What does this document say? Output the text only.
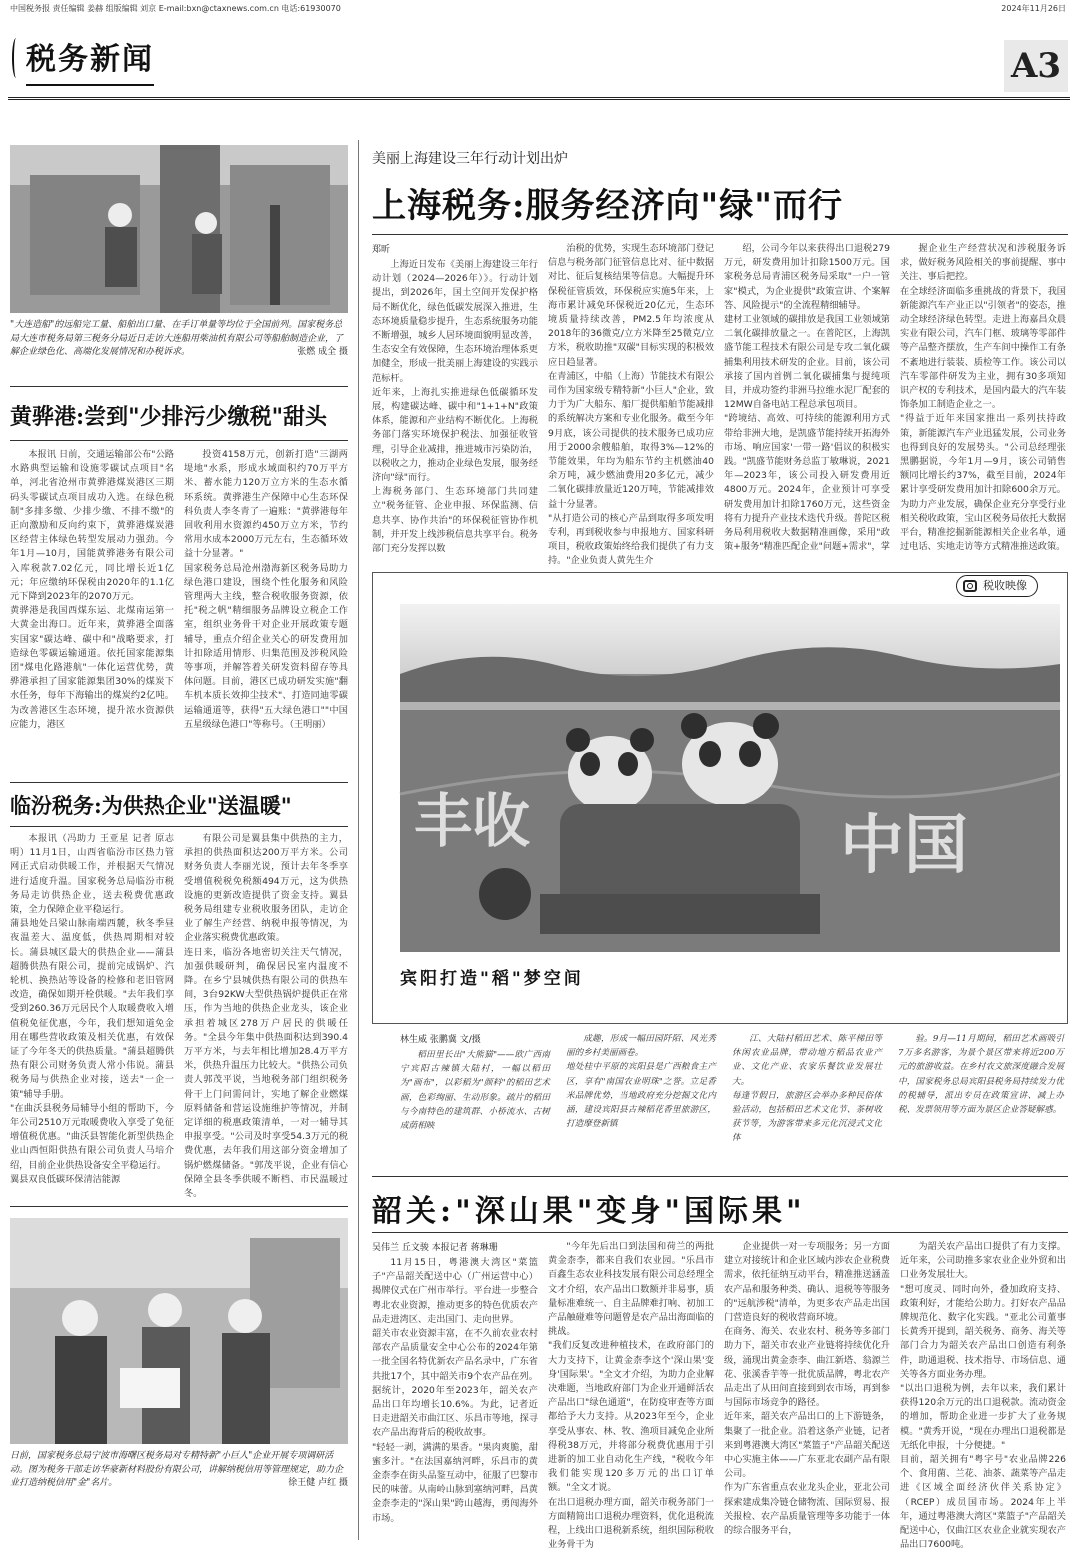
中国税务报 责任编辑 姜赫 组版编辑 刘京 E-mail:bxn@ctaxnews.com.cn 电话:61930070	2024年11月26日
税务新闻	A3
"大连造船"的远船完工量、船舶出口量、在手订单量等均位于全国前列。国家税务总局大连市税务局第三税务分局近日走访大连船用柴油机有限公司等船舶制造企业，了解企业绿色化、高端化发展情况和办税诉求。	张燃 成全 摄
黄骅港:尝到"少排污少缴税"甜头
本报讯 日前，交通运输部公布"公路水路典型运输和设施零碳试点项目"名单，河北省沧州市黄骅港煤炭港区三期码头零碳试点项目成功入选。在绿色税制"多排多缴、少排少缴、不排不缴"的正向激励和反向约束下，黄骅港煤炭港区经营主体绿色转型发展动力强劲。今年1月—10月，国能黄骅港务有限公司入库税款7.02亿元，同比增长近1亿元；年应缴纳环保税由2020年的1.1亿元下降到2023年的2070万元。
黄骅港是我国西煤东运、北煤南运第一大黄金出海口。近年来，黄骅港全面落实国家"碳达峰、碳中和"战略要求，打造绿色零碳运输通道。依托国家能源集团"煤电化路港航"一体化运营优势，黄骅港承担了国家能源集团30%的煤炭下水任务，每年下海输出的煤炭约2亿吨。为改善港区生态环境，提升浓水资源供应能力，港区
投资4158万元，创新打造"三湖两堤地"水系，形成水域面积约70万平方米、蓄水能力120万立方米的生态水循环系统。黄骅港生产保障中心生态环保科负责人李冬青了一遍账："黄骅港每年回收利用水资源约450万立方米，节约常用水成本2000万元左右，生态循环效益十分显著。"
国家税务总局沧州渤海新区税务局助力绿色港口建设，围绕个性化服务和风险管理两大主线，整合税收服务资源，依托"税之帆"精细服务品牌设立税企工作室，组织业务骨干对企业开展政策专题辅导，重点介绍企业关心的研发费用加计扣除适用情形、归集范围及涉税风险等事项，并解答着关研发资料留存等具体问题。目前，港区已成功研发实施"翻车机本质长效抑尘技术"、打造同迪零碳运输通道等，获得"五大绿色港口""中国五星级绿色港口"等称号。（王明丽）
临汾税务:为供热企业"送温暖"
本报讯（冯助力 王亚星 记者 原志明）11月1日，山西省临汾市区热力管网正式启动供暖工作，并根据天气情况进行适度升温。国家税务总局临汾市税务局走访供热企业，送去税费优惠政策，全力保障企业平稳运行。
蒲县地处吕梁山脉南端西麓，秋冬季昼夜温差大、温度低，供热周期相对较长。蒲县城区最大的供热企业——蒲县超腾供热有限公司，提前完成锅炉、汽轮机、换热站等设备的检修和老旧管网改造，确保如期开栓供暖。"去年我们享受到260.36万元居民个人取暖费收入增值税免征优惠，今年，我们想知道免金用在哪些营收政策及相关优惠，有效保证了今年冬天的供热质量。"蒲县超腾供热有限公司财务负责人常小伟说。蒲县税务局与供热企业对接，送去"一企一策"辅导手册。
"在曲沃县税务局辅导小组的帮助下，今年公司2510万元取暖费收入享受了免征增值税优惠。"曲沃县智能化新型供热企业山西恒阳供热有限公司负责人马培介绍，目前企业供热设备安全平稳运行。
翼县双良低碳环保清洁能源
有限公司是翼县集中供热的主力，承担的供热面积达200万平方米。公司财务负责人李丽光说，预计去年冬季享受增值税税免税额494万元，这为供热设施的更新改造提供了资金支持。翼县税务局组建专业税收服务团队，走访企业了解生产经营、纳税申报等情况，为企业落实税费优惠政策。
连日来，临汾各地密切关注天气情况，加强供暖研判，确保居民室内温度不降。在乡宁县城供热有限公司的供热车间，3台92KW大型供热锅炉提供正在常压，作为当地的供热企业龙头，该企业承担着城区278万户居民的供暖任务。"全县今年集中供热面积达到390.4万平方米，与去年相比增加28.4万平方米，供热升温压力比较大。"供热公司负责人郭茂平说，当地税务部门组织税务骨干上门问需问计，实地了解企业燃煤原料储备和营运设施维护等情况，并制定详细的税惠政策清单，一对一辅导其申报享受。"公司及时享受54.3万元的税费优惠，去年我们用这部分资金增加了锅炉燃煤储备。"郭茂平说，企业有信心保障全县冬季供暖不断档、市民温暖过冬。
日前，国家税务总局宁波市海曙区税务局对专精特新"小巨人"企业开展专项调研活动。图为税务干部走访华豪新材料股份有限公司，讲解纳税信用等管理规定，助力企业打造纳税信用"金"名片。	徐王健 卢红 摄
美丽上海建设三年行动计划出炉
上海税务:服务经济向"绿"而行
郑昕
上海近日发布《美丽上海建设三年行动计划（2024—2026年）》。行动计划提出，到2026年，国土空间开发保护格局不断优化，绿色低碳发展深入推进，生态环境质量稳步提升，生态系统服务功能不断增强，城乡人居环境面貌明显改善，生态安全有效保障，生态环境治理体系更加健全，形成一批美丽上海建设的实践示范标杆。
近年来，上海扎实推进绿色低碳循环发展，构建碳达峰、碳中和"1+1+N"政策体系，能源和产业结构不断优化。上海税务部门落实环境保护税法、加强征收管理，引导企业减排，推进城市污染防治，以税收之力，推动企业绿色发展，服务经济向"绿"而行。
上海税务部门、生态环境部门共同建立"税务征管、企业申报、环保监测、信息共享、协作共治"的环保税征管协作机制，并开发上线涉税信息共享平台。税务部门充分发挥以数
治税的优势，实现生态环境部门登记信息与税务部门征管信息比对、征中数据对比、征后复核结果等信息。大幅提升环保税征管质效，环保税应实施5年来，上海市累计减免环保税近20亿元，生态环境质量持续改善，PM2.5年均浓度从2018年的36微克/立方米降至25微克/立方米，税收助推"双碳"目标实现的积极效应日趋显著。
在青浦区，中船（上海）节能技术有限公司作为国家级专精特新"小巨人"企业，致力于为广大船东、船厂提供船舶节能减排的系统解决方案和专业化服务。截至今年9月底，该公司提供的技术服务已成功应用于2000余艘船舶，取得3%—12%的节能效果，年均为船东节约主机燃油40余万吨，减少燃油费用20多亿元，减少二氧化碳排放量近120万吨，节能减排效益十分显著。
"从打造公司的核心产品到取得多项发明专利，再到税收参与申报地方、国家科研项目，税收政策始终给我们提供了有力支持。"企业负责人黄先生介
绍，公司今年以来获得出口退税279万元，研发费用加计扣除1500万元。国家税务总局青浦区税务局采取"一户一管家"模式，为企业提供"政策宣讲、个案解答、风险提示"的全流程精细辅导。
建材工业领域的碳排放是我国工业领域第二氧化碳排放量之一。在普陀区，上海凯盛节能工程技术有限公司是专攻二氧化碳捕集利用技术研发的企业。目前，该公司承接了国内首例二氧化碳捕集与提纯项目，并成功签约非洲马拉维水泥厂配套的12MW自备电站工程总承包项目。
"跨境结、高效、可持续的能源利用方式带给非洲大地，是凯盛节能持续开拓海外市场、响应国家'一带一路'倡议的积极实践。"凯盛节能财务总监丁敏琳说，2021年—2023年，该公司投入研发费用近4800万元。2024年，企业预计可享受研发费用加计扣除1760万元，这些资金将有力提升产业技术迭代升级。普陀区税务局利用税收大数据精准画像，采用"政策+服务"精准匹配企业"问题+需求"，掌
握企业生产经营状况和涉税服务诉求，做好税务风险相关的事前提醒、事中关注、事后把控。
在全球经济面临多重挑战的背景下，我国新能源汽车产业正以"引领者"的姿态，推动全球经济绿色转型。走进上海嘉昌众晨实业有限公司，汽车门框、玻璃等零部件等产品整齐摆放，生产车间中操作工有条不紊地进行装装、质检等工作。该公司以汽车零部件研发为主业，拥有30多项知识产权的专利技术，是国内最大的汽车装饰条加工制造企业之一。
"得益于近年来国家推出一系列扶持政策，新能源汽车产业迅猛发展，公司业务也得到良好的发展势头。"公司总经理张黑鹏据说，今年1月—9月，该公司销售额同比增长约37%，截至目前，2024年累计享受研发费用加计扣除600余万元。为助力产业发展，确保企业充分享受行业相关税收政策，宝山区税务局依托大数据平台，精准挖掘新能源相关企业名单，通过电话、实地走访等方式精准推送政策。
税收映像
丰收	中国
宾阳打造"稻"梦空间
林生威 张鹏冀 文/摄
稻田里长出"大熊猫"——欧广西南宁宾阳古辣镇大陆村，一幅以稻田为"画布"，以彩稻为"颜料"的稻田艺术画，色彩绚丽、生动形象。疏片的稻田与今南特色的建筑群、小桥流水、古树成荫相映
成趣，形成一幅田园阡陌、风光秀丽的乡村美丽画卷。
地处桂中平原的宾阳县是广西粮食主产区，享有"南国农业明珠"之誉。立足香米品牌优势，当地政府充分挖掘文化内涵，建设宾阳县古辣稻花香里旅游区，打造摩登新镇
江、大陆村稻田艺术、陈平梯田等休闲农业品牌，带动地方稻品农业产业、文化产业、农家乐餐饮业发展壮大。
每逢节假日，旅游区会举办多种民俗体验活动，包括稻田艺术文化节、茶树收获节等，为游客带来多元化沉浸式文化体
验。9月—11月期间，稻田艺术画吸引7万多名游客，为景个景区带来将近200万元的旅游收益。在乡村农文旅深度融合发展中，国家税务总局宾阳县税务局持续发力优的税辅导，派出专员在政策宣讲、减上办税、发票领用等方面为景区企业答疑解惑。
韶关:"深山果"变身"国际果"
吴伟兰 丘文骏 本报记者 蒋琳珊
11月15日，粤港澳大湾区"菜篮子"产品韶关配送中心（广州运营中心）揭牌仪式在广州市举行。平台进一步整合粤北农业资源，推动更多的特色优质农产品走进湾区、走出国门、走向世界。
韶关市农业资源丰富，在不久前农业农村部农产品质量安全中心公布的2024年第一批全国名特优新农产品名录中，广东省共批17个，其中韶关市9个农产品在列。据统计，2020年至2023年，韶关农产品出口年均增长10.6%。为此，记者近日走进韶关市曲江区、乐昌市等地，探寻农产品出海背后的税收故事。
"轻轻一剥，满满的果香。"果肉爽脆，甜蜜多汁。"在法国嘉纳河畔，乐昌市的黄金柰李在街头品鉴互动中，征服了巴黎市民的味蕾。从南岭山脉到塞纳河畔，昌黄金柰李走的"深山果"跨山越海，勇闯海外市场。
"今年先后出口到法国和荷兰的两批黄金柰李，都来自我们农业园。"乐昌市百鑫生态农业科技发展有限公司总经理全文才介绍，农产品出口数额并非易事，质量标准难统一、自主品牌难打响、初加工产品触碰难等问题曾是农产品出海面临的挑战。
"我们反复改进种植技术，在政府部门的大力支持下，让黄金柰李这个'深山果'变身'国际果'。"全文才介绍，为助力企业解决难题，当地政府部门为企业开通鲜活农产品出口"绿色通道"，在防疫审查等方面都给予大力支持。从2023年至今，企业享受从事农、林、牧、渔项目减免企业所得税38万元，并将部分税费优惠用于引进新的加工业自动化生产线，"税收今年我们能实现120多万元的出口订单额。"全文才说。
在出口退税办理方面，韶关市税务部门一方面精简出口退税办理资料，优化退税流程，上线出口退税新系统，组织国际税收业务骨干为
企业提供一对一专项服务；另一方面建立对接统计和企业区域内渉农企业税费需求，依托征纳互动平台，精准推送涵盖农产品和服务种类、确认、退税等等服务的"远航涉税"清单，为更多农产品走出国门营造良好的税收营商环境。
在商务、海关、农业农村、税务等多部门助力下，韶关市农业产业链将持续优化升级，涌现出黄金柰李、曲江新塔、翁源兰花、张溪香芋等一批优质品牌，粤北农产品走出了从田间直接到到农市场，再到参与国际市场竞争的路径。
近年来，韶关农产品出口的上下游链条，集聚了一批企业。沿着这条产业链，记者来到粤港澳大湾区"菜篮子"产品韶关配送中心实施主体——广东亚北农副产品有限公司。
作为广东省重点农业龙头企业，亚北公司探索建成集冷链仓储物流、国际贸易、报关报检、农产品质量管理等多功能于一体的综合服务平台，
为韶关农产品出口提供了有力支撑。近年来，公司助推多家农业企业外贸和出口业务发展壮大。
"想可度灵、同时向外，叠加政府支持、政策利好，才能给公助力。打好农产品品牌规范化、数字化实践。"亚北公司董事长黄秀开提到，韶关税务、商务、海关等部门合力为韶关农产品出口创造有利条件，助通退税、技术指导、市场信息、通关等各方面业务办理。
"以出口退税为例，去年以来，我们累计获得120余万元的出口退税款。流动资金的增加，帮助企业进一步扩大了业务规模。"黄秀开说，"现在办理出口退税都是无纸化申报，十分便捷。"
目前，韶关拥有"粤字号"农业品牌226个、食用菌、兰花、油茶、蔬菜等产品走进《区域全面经济伙伴关系协定》（RCEP）成员国市场。2024年上半年，通过粤港澳大湾区"菜篮子"产品韶关配送中心，仅曲江区农业企业就实现农产品出口7600吨。
